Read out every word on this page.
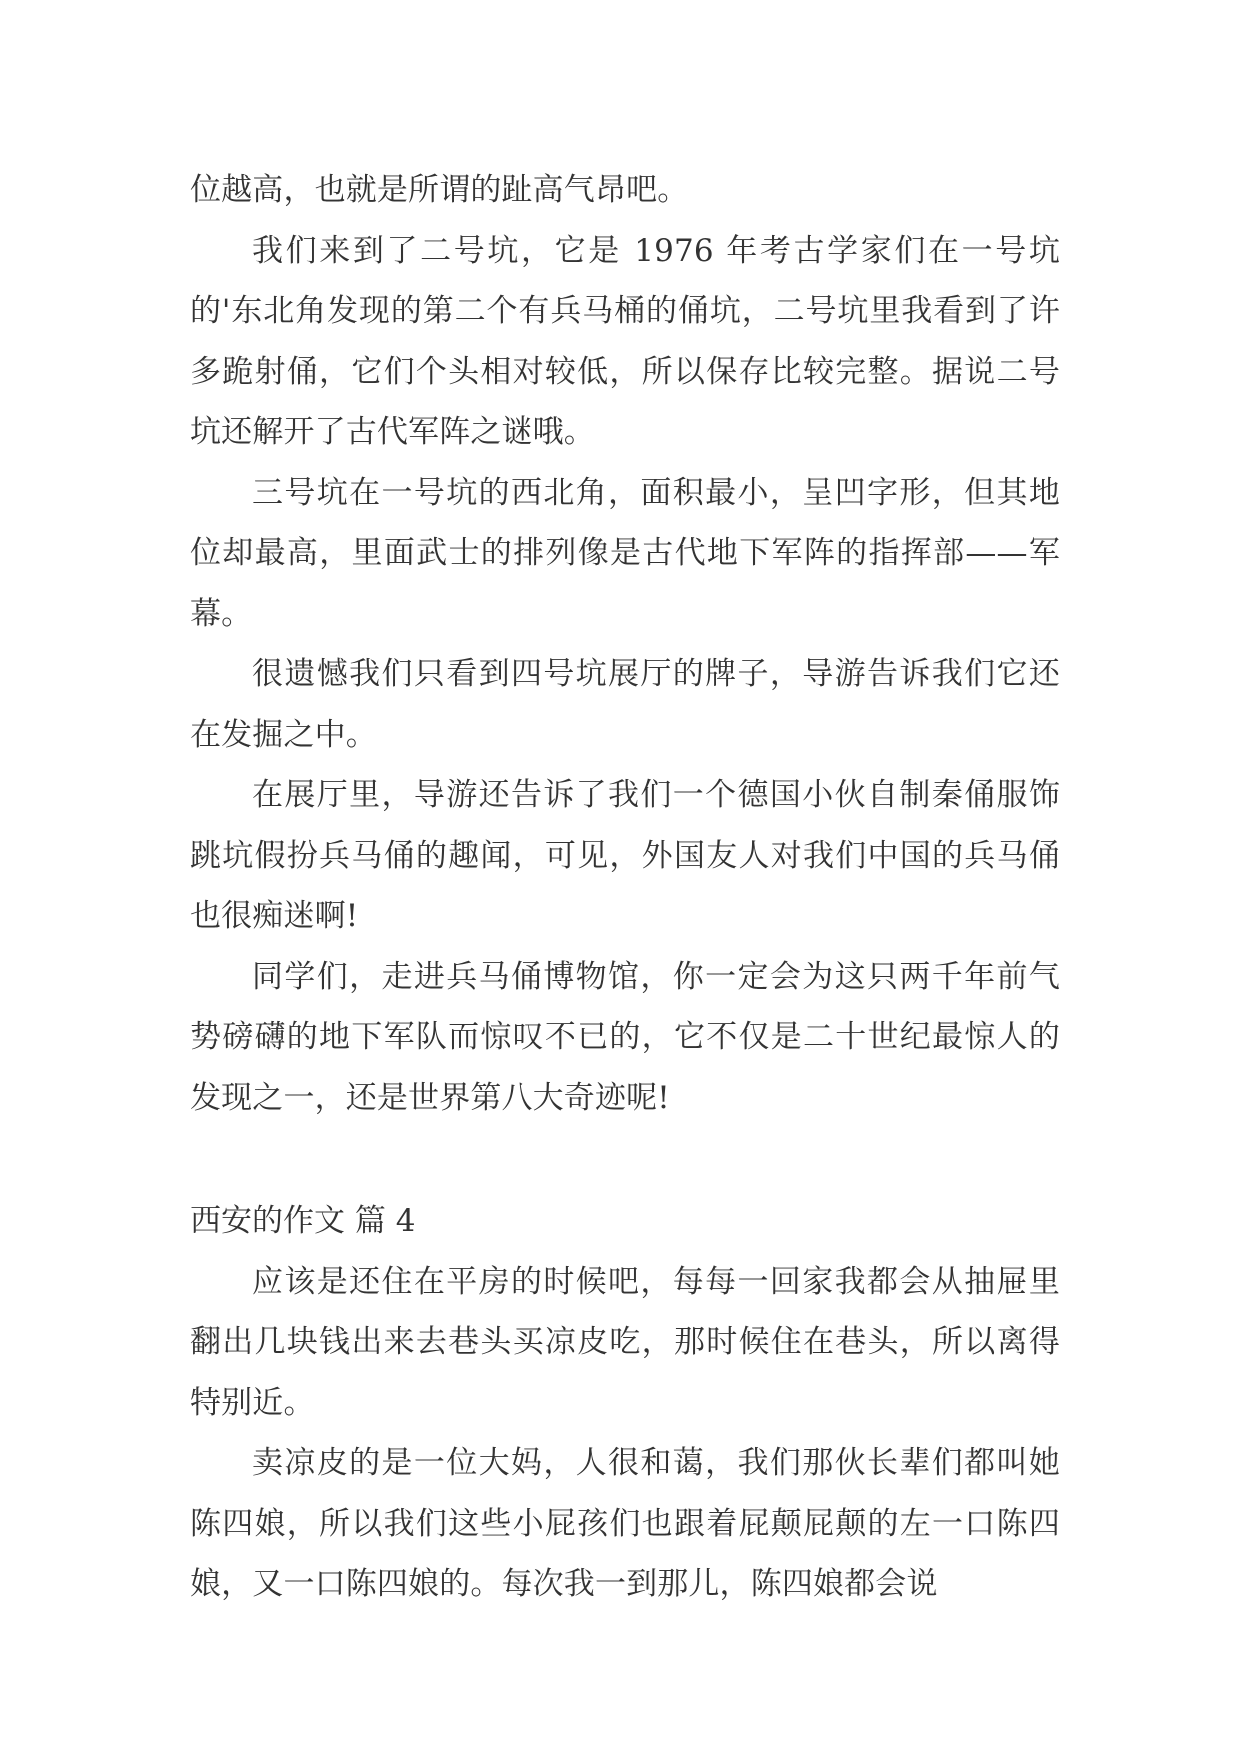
位越高，也就是所谓的趾高气昂吧。

我们来到了二号坑，它是 1976 年考古学家们在一号坑的'东北角发现的第二个有兵马桶的俑坑，二号坑里我看到了许多跪射俑，它们个头相对较低，所以保存比较完整。据说二号坑还解开了古代军阵之谜哦。

三号坑在一号坑的西北角，面积最小，呈凹字形，但其地位却最高，里面武士的排列像是古代地下军阵的指挥部——军幕。

很遗憾我们只看到四号坑展厅的牌子，导游告诉我们它还在发掘之中。

在展厅里，导游还告诉了我们一个德国小伙自制秦俑服饰跳坑假扮兵马俑的趣闻，可见，外国友人对我们中国的兵马俑也很痴迷啊!

同学们，走进兵马俑博物馆，你一定会为这只两千年前气势磅礴的地下军队而惊叹不已的，它不仅是二十世纪最惊人的发现之一，还是世界第八大奇迹呢!

西安的作文 篇 4

应该是还住在平房的时候吧，每每一回家我都会从抽屉里翻出几块钱出来去巷头买凉皮吃，那时候住在巷头，所以离得特别近。

卖凉皮的是一位大妈，人很和蔼，我们那伙长辈们都叫她陈四娘，所以我们这些小屁孩们也跟着屁颠屁颠的左一口陈四娘，又一口陈四娘的。每次我一到那儿，陈四娘都会说
